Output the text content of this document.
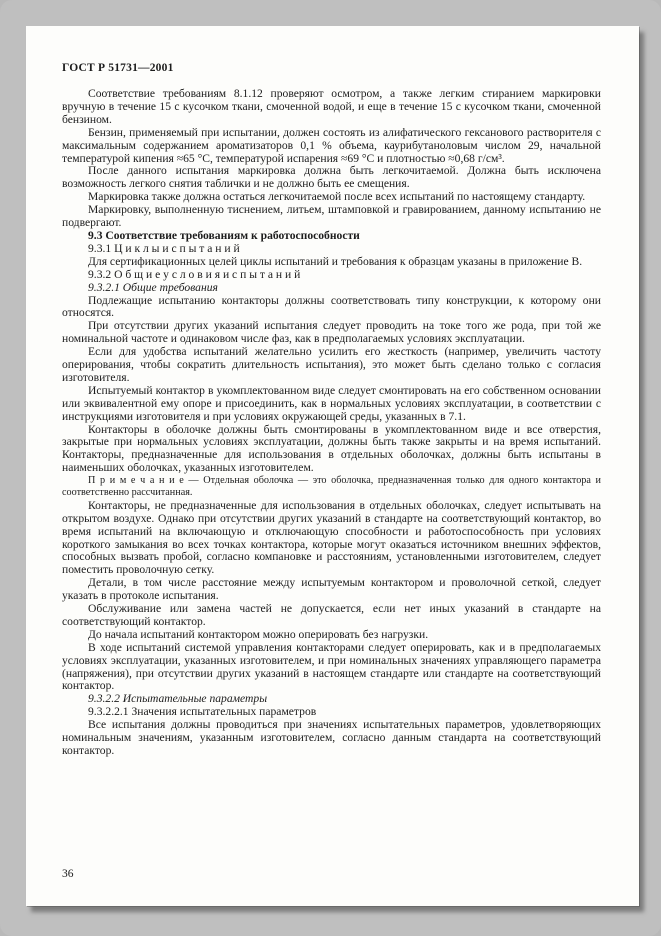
ГОСТ Р 51731—2001

Соответствие требованиям 8.1.12 проверяют осмотром, а также легким стиранием маркировки вручную в течение 15 с кусочком ткани, смоченной водой, и еще в течение 15 с кусочком ткани, смоченной бензином.

Бензин, применяемый при испытании, должен состоять из алифатического гексанового растворителя с максимальным содержанием ароматизаторов 0,1 % объема, каурибутаноловым числом 29, начальной температурой кипения ≈65 °С, температурой испарения ≈69 °С и плотностью ≈0,68 г/см³.

После данного испытания маркировка должна быть легкочитаемой. Должна быть исключена возможность легкого снятия таблички и не должно быть ее смещения.

Маркировка также должна остаться легкочитаемой после всех испытаний по настоящему стандарту.

Маркировку, выполненную тиснением, литьем, штамповкой и гравированием, данному испытанию не подвергают.

9.3 Соответствие требованиям к работоспособности

9.3.1 Ц и к л ы и с п ы т а н и й

Для сертификационных целей циклы испытаний и требования к образцам указаны в приложение В.

9.3.2 О б щ и е у с л о в и я и с п ы т а н и й

9.3.2.1 Общие требования

Подлежащие испытанию контакторы должны соответствовать типу конструкции, к которому они относятся.

При отсутствии других указаний испытания следует проводить на токе того же рода, при той же номинальной частоте и одинаковом числе фаз, как в предполагаемых условиях эксплуатации.

Если для удобства испытаний желательно усилить его жесткость (например, увеличить частоту оперирования, чтобы сократить длительность испытания), это может быть сделано только с согласия изготовителя.

Испытуемый контактор в укомплектованном виде следует смонтировать на его собственном основании или эквивалентной ему опоре и присоединить, как в нормальных условиях эксплуатации, в соответствии с инструкциями изготовителя и при условиях окружающей среды, указанных в 7.1.

Контакторы в оболочке должны быть смонтированы в укомплектованном виде и все отверстия, закрытые при нормальных условиях эксплуатации, должны быть также закрыты и на время испытаний. Контакторы, предназначенные для использования в отдельных оболочках, должны быть испытаны в наименьших оболочках, указанных изготовителем.

П р и м е ч а н и е — Отдельная оболочка — это оболочка, предназначенная только для одного контактора и соответственно рассчитанная.

Контакторы, не предназначенные для использования в отдельных оболочках, следует испытывать на открытом воздухе. Однако при отсутствии других указаний в стандарте на соответствующий контактор, во время испытаний на включающую и отключающую способности и работоспособность при условиях короткого замыкания во всех точках контактора, которые могут оказаться источником внешних эффектов, способных вызвать пробой, согласно компановке и расстояниям, установленными изготовителем, следует поместить проволочную сетку.

Детали, в том числе расстояние между испытуемым контактором и проволочной сеткой, следует указать в протоколе испытания.

Обслуживание или замена частей не допускается, если нет иных указаний в стандарте на соответствующий контактор.

До начала испытаний контактором можно оперировать без нагрузки.

В ходе испытаний системой управления контакторами следует оперировать, как и в предполагаемых условиях эксплуатации, указанных изготовителем, и при номинальных значениях управляющего параметра (напряжения), при отсутствии других указаний в настоящем стандарте или стандарте на соответствующий контактор.

9.3.2.2 Испытательные параметры

9.3.2.2.1 Значения испытательных параметров

Все испытания должны проводиться при значениях испытательных параметров, удовлетворяющих номинальным значениям, указанным изготовителем, согласно данным стандарта на соответствующий контактор.

36
